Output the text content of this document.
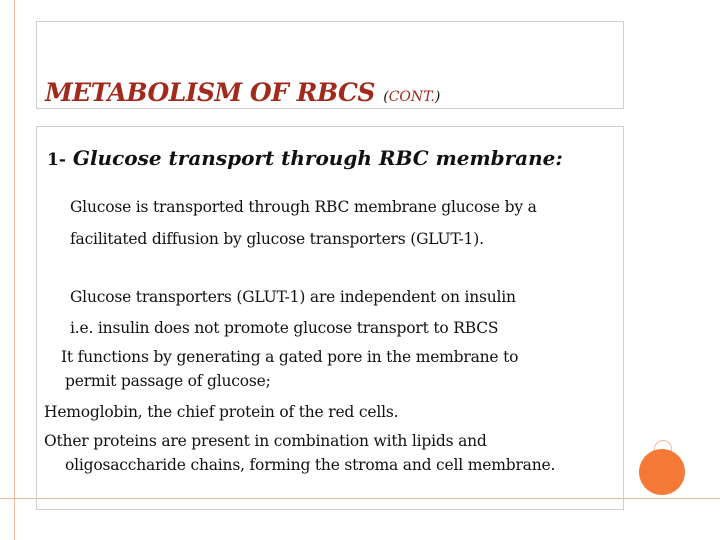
METABOLISM OF RBCS (CONT.)
1- Glucose transport through RBC membrane:

Glucose is transported through RBC membrane glucose by a

facilitated diffusion by glucose transporters (GLUT-1).

Glucose transporters (GLUT-1) are independent on insulin

i.e. insulin does not promote glucose transport to RBCS

It functions by generating a gated pore in the membrane to

permit passage of glucose;

Hemoglobin, the chief protein of the red cells.

Other proteins are present in combination with lipids and

oligosaccharide chains, forming the stroma and cell membrane.
